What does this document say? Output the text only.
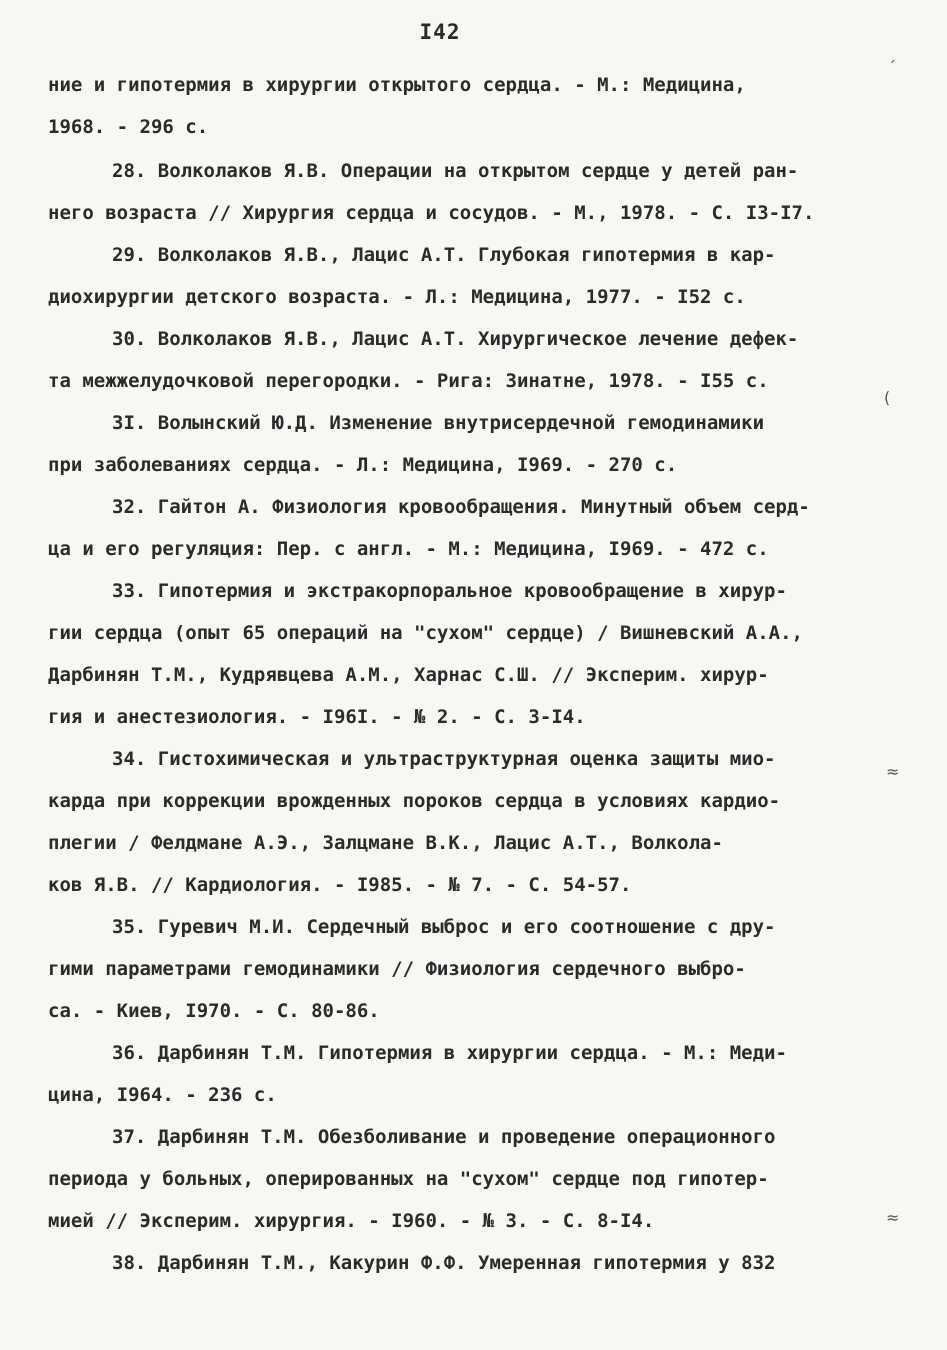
I42
ние и гипотермия в хирургии открытого сердца. - М.: Медицина,
1968. - 296 с.
28. Волколаков Я.В. Операции на открытом сердце у детей ран-
него возраста // Хирургия сердца и сосудов. - М., 1978. - С. I3-I7.
29. Волколаков Я.В., Лацис А.Т. Глубокая гипотермия в кар-
диохирургии детского возраста. - Л.: Медицина, 1977. - I52 с.
30. Волколаков Я.В., Лацис А.Т. Хирургическое лечение дефек-
та межжелудочковой перегородки. - Рига: Зинатне, 1978. - I55 с.
3I. Волынский Ю.Д. Изменение внутрисердечной гемодинамики
при заболеваниях сердца. - Л.: Медицина, I969. - 270 с.
32. Гайтон А. Физиология кровообращения. Минутный объем серд-
ца и его регуляция: Пер. с англ. - М.: Медицина, I969. - 472 с.
33. Гипотермия и экстракорпоральное кровообращение в хирур-
гии сердца (опыт 65 операций на "сухом" сердце) / Вишневский А.А.,
Дарбинян Т.М., Кудрявцева А.М., Харнас С.Ш. // Эксперим. хирур-
гия и анестезиология. - I96I. - № 2. - С. 3-I4.
34. Гистохимическая и ультраструктурная оценка защиты мио-
карда при коррекции врожденных пороков сердца в условиях кардио-
плегии / Фелдмане А.Э., Залцмане В.К., Лацис А.Т., Волкола-
ков Я.В. // Кардиология. - I985. - № 7. - С. 54-57.
35. Гуревич М.И. Сердечный выброс и его соотношение с дру-
гими параметрами гемодинамики // Физиология сердечного выбро-
са. - Киев, I970. - С. 80-86.
36. Дарбинян Т.М. Гипотермия в хирургии сердца. - М.: Меди-
цина, I964. - 236 с.
37. Дарбинян Т.М. Обезболивание и проведение операционного
периода у больных, оперированных на "сухом" сердце под гипотер-
мией // Эксперим. хирургия. - I960. - № 3. - С. 8-I4.
38. Дарбинян Т.М., Какурин Ф.Ф. Умеренная гипотермия у 832
ˊ
(
≈
≈
